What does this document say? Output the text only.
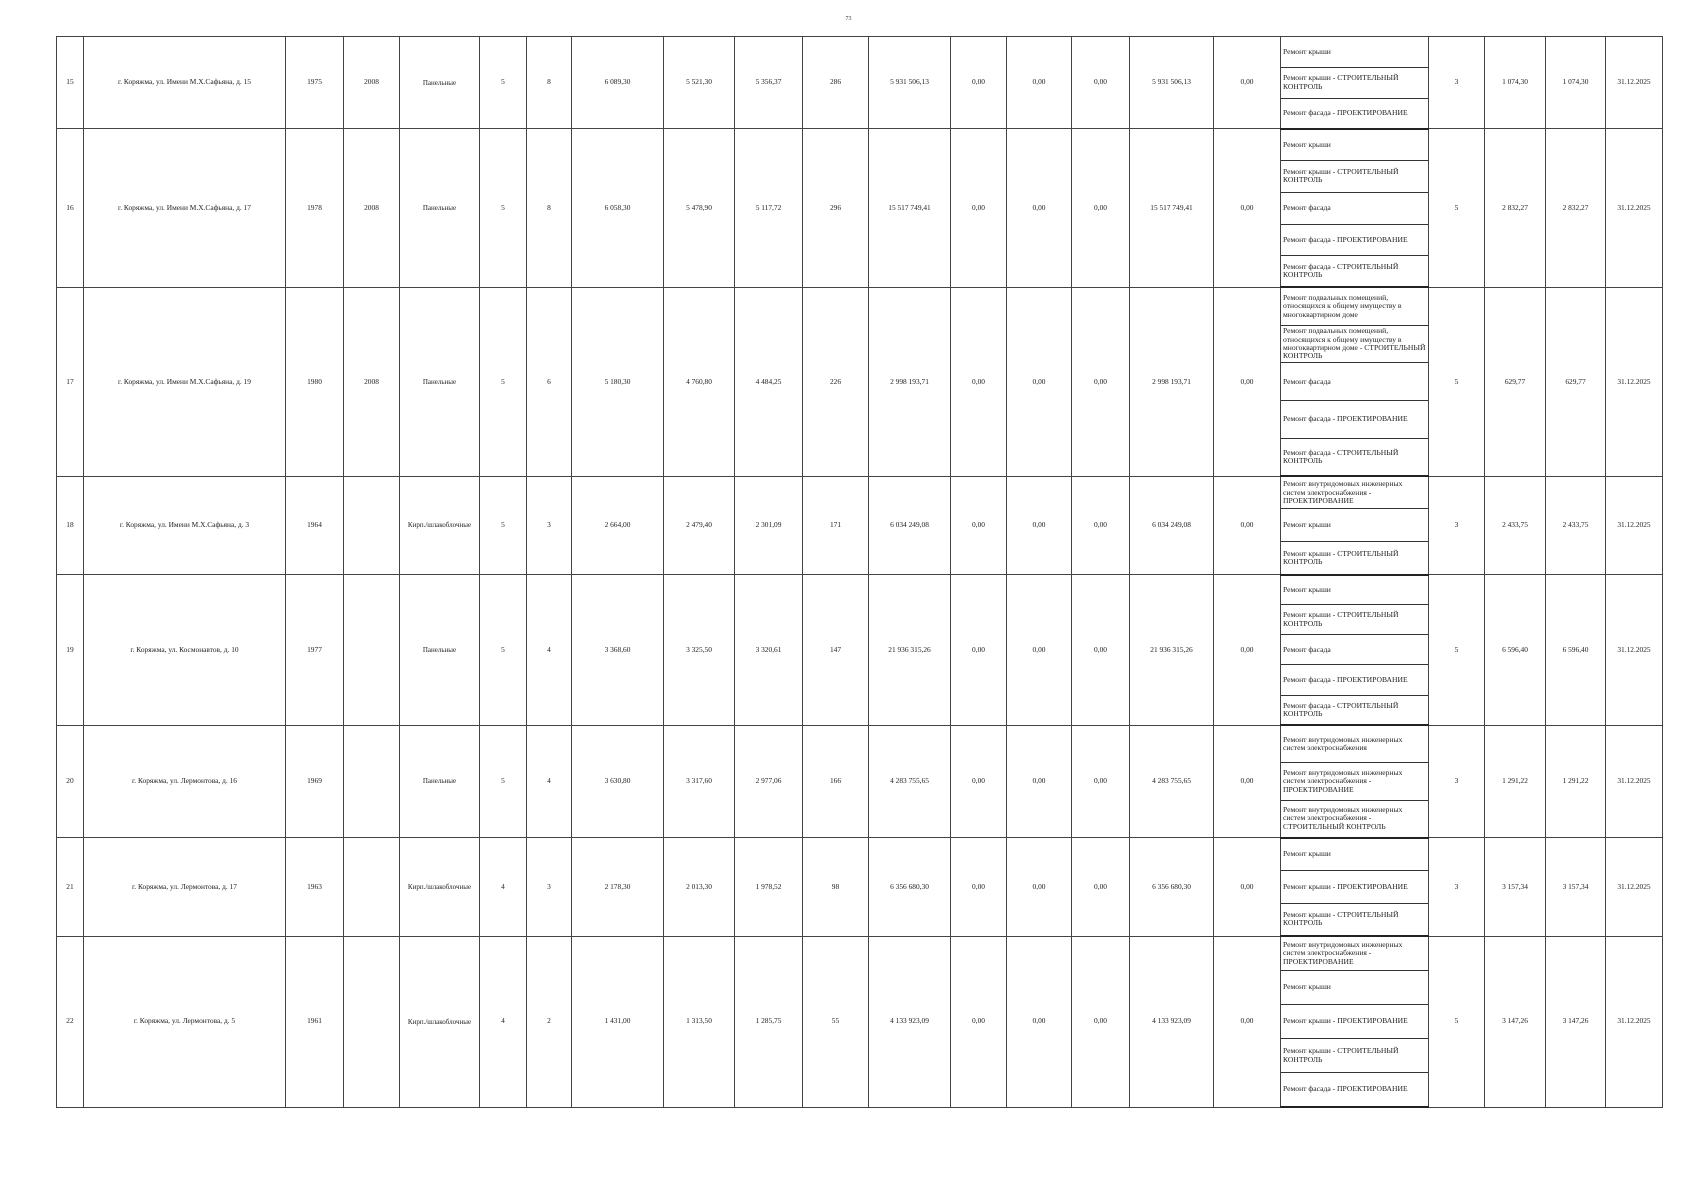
73
15	г. Коряжма, ул. Имени М.Х.Сафьяна, д. 15	1975	2008	Панельные	5	8	6 089,30	5 521,30	5 356,37	286	5 931 506,13	0,00	0,00	0,00	5 931 506,13	0,00	Ремонт крыши	3	1 074,30	1 074,30	31.12.2025
																	Ремонт крыши - СТРОИТЕЛЬНЫЙ КОНТРОЛЬ				
																	Ремонт фасада - ПРОЕКТИРОВАНИЕ				
16	г. Коряжма, ул. Имени М.Х.Сафьяна, д. 17	1978	2008	Панельные	5	8	6 058,30	5 478,90	5 117,72	296	15 517 749,41	0,00	0,00	0,00	15 517 749,41	0,00	Ремонт крыши	5	2 832,27	2 832,27	31.12.2025
																	Ремонт крыши - СТРОИТЕЛЬНЫЙ КОНТРОЛЬ				
																	Ремонт фасада				
																	Ремонт фасада - ПРОЕКТИРОВАНИЕ				
																	Ремонт фасада - СТРОИТЕЛЬНЫЙ КОНТРОЛЬ				
17	г. Коряжма, ул. Имени М.Х.Сафьяна, д. 19	1980	2008	Панельные	5	6	5 180,30	4 760,80	4 484,25	226	2 998 193,71	0,00	0,00	0,00	2 998 193,71	0,00	Ремонт подвальных помещений, относящихся к общему имуществу в многоквартирном доме	5	629,77	629,77	31.12.2025
																	Ремонт подвальных помещений, относящихся к общему имуществу в многоквартирном доме - СТРОИТЕЛЬНЫЙ КОНТРОЛЬ				
																	Ремонт фасада				
																	Ремонт фасада - ПРОЕКТИРОВАНИЕ				
																	Ремонт фасада - СТРОИТЕЛЬНЫЙ КОНТРОЛЬ				
18	г. Коряжма, ул. Имени М.Х.Сафьяна, д. 3	1964		Кирп./шлакоблочные	5	3	2 664,00	2 479,40	2 301,09	171	6 034 249,08	0,00	0,00	0,00	6 034 249,08	0,00	Ремонт внутридомовых инженерных систем электроснабжения - ПРОЕКТИРОВАНИЕ	3	2 433,75	2 433,75	31.12.2025
																	Ремонт крыши				
																	Ремонт крыши - СТРОИТЕЛЬНЫЙ КОНТРОЛЬ				
19	г. Коряжма, ул. Космонавтов, д. 10	1977		Панельные	5	4	3 368,60	3 325,50	3 320,61	147	21 936 315,26	0,00	0,00	0,00	21 936 315,26	0,00	Ремонт крыши	5	6 596,40	6 596,40	31.12.2025
																	Ремонт крыши - СТРОИТЕЛЬНЫЙ КОНТРОЛЬ				
																	Ремонт фасада				
																	Ремонт фасада - ПРОЕКТИРОВАНИЕ				
																	Ремонт фасада - СТРОИТЕЛЬНЫЙ КОНТРОЛЬ				
20	г. Коряжма, ул. Лермонтова, д. 16	1969		Панельные	5	4	3 630,80	3 317,60	2 977,06	166	4 283 755,65	0,00	0,00	0,00	4 283 755,65	0,00	Ремонт внутридомовых инженерных систем электроснабжения	3	1 291,22	1 291,22	31.12.2025
																	Ремонт внутридомовых инженерных систем электроснабжения - ПРОЕКТИРОВАНИЕ				
																	Ремонт внутридомовых инженерных систем электроснабжения - СТРОИТЕЛЬНЫЙ КОНТРОЛЬ				
21	г. Коряжма, ул. Лермонтова, д. 17	1963		Кирп./шлакоблочные	4	3	2 178,30	2 013,30	1 978,52	98	6 356 680,30	0,00	0,00	0,00	6 356 680,30	0,00	Ремонт крыши	3	3 157,34	3 157,34	31.12.2025
																	Ремонт крыши - ПРОЕКТИРОВАНИЕ				
																	Ремонт крыши - СТРОИТЕЛЬНЫЙ КОНТРОЛЬ				
22	г. Коряжма, ул. Лермонтова, д. 5	1961		Кирп./шлакоблочные	4	2	1 431,00	1 313,50	1 285,75	55	4 133 923,09	0,00	0,00	0,00	4 133 923,09	0,00	Ремонт внутридомовых инженерных систем электроснабжения - ПРОЕКТИРОВАНИЕ	5	3 147,26	3 147,26	31.12.2025
																	Ремонт крыши				
																	Ремонт крыши - ПРОЕКТИРОВАНИЕ				
																	Ремонт крыши - СТРОИТЕЛЬНЫЙ КОНТРОЛЬ				
																	Ремонт фасада - ПРОЕКТИРОВАНИЕ				
